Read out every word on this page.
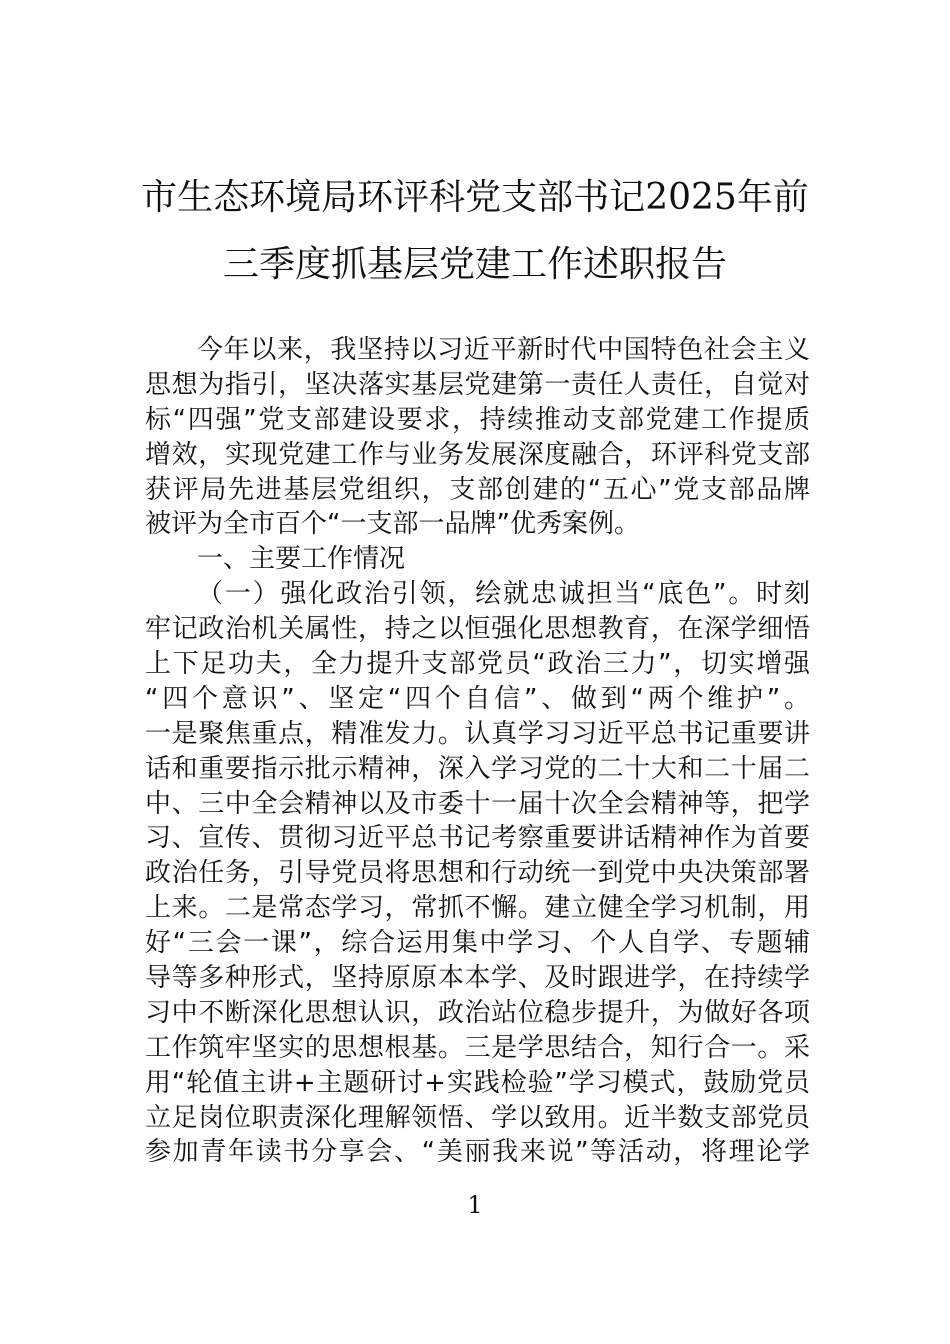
市生态环境局环评科党支部书记2025年前
三季度抓基层党建工作述职报告
今年以来，我坚持以习近平新时代中国特色社会主义
思想为指引，坚决落实基层党建第一责任人责任，自觉对
标“四强”党支部建设要求，持续推动支部党建工作提质
增效，实现党建工作与业务发展深度融合，环评科党支部
获评局先进基层党组织，支部创建的“五心”党支部品牌
被评为全市百个“一支部一品牌”优秀案例。
一、主要工作情况
（一）强化政治引领，绘就忠诚担当“底色”。时刻
牢记政治机关属性，持之以恒强化思想教育，在深学细悟
上下足功夫，全力提升支部党员“政治三力”，切实增强
“四个意识”、坚定“四个自信”、做到“两个维护”。
一是聚焦重点，精准发力。认真学习习近平总书记重要讲
话和重要指示批示精神，深入学习党的二十大和二十届二
中、三中全会精神以及市委十一届十次全会精神等，把学
习、宣传、贯彻习近平总书记考察重要讲话精神作为首要
政治任务，引导党员将思想和行动统一到党中央决策部署
上来。二是常态学习，常抓不懈。建立健全学习机制，用
好“三会一课”，综合运用集中学习、个人自学、专题辅
导等多种形式，坚持原原本本学、及时跟进学，在持续学
习中不断深化思想认识，政治站位稳步提升，为做好各项
工作筑牢坚实的思想根基。三是学思结合，知行合一。采
用“轮值主讲+主题研讨+实践检验”学习模式，鼓励党员
立足岗位职责深化理解领悟、学以致用。近半数支部党员
参加青年读书分享会、“美丽我来说”等活动，将理论学
1
